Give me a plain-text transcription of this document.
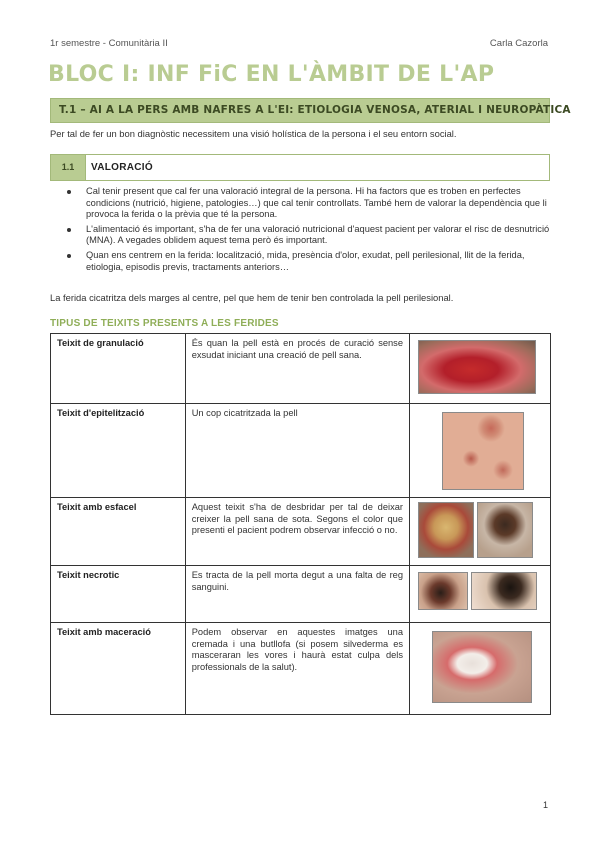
1r semestre - Comunitària II	Carla Cazorla
BLOC I: INF FiC EN L'ÀMBIT DE L'AP
T.1 – AI A LA PERS AMB NAFRES A L'EI: ETIOLOGIA VENOSA, ATERIAL I NEUROPÀTICA

Per tal de fer un bon diagnòstic necessitem una visió holística de la persona i el seu entorn social.

1.1	VALORACIÓ
Cal tenir present que cal fer una valoració integral de la persona. Hi ha factors que es troben en perfectes condicions (nutrició, higiene, patologies…) que cal tenir controllats. També hem de valorar la dependència que li provoca la ferida o la prèvia que té la persona.
L'alimentació és important, s'ha de fer una valoració nutricional d'aquest pacient per valorar el risc de desnutrició (MNA). A vegades oblidem aquest tema però és important.
Quan ens centrem en la ferida: localització, mida, presència d'olor, exudat, pell perilesional, llit de la ferida, etiologia, episodis previs, tractaments anteriors…

La ferida cicatritza dels marges al centre, pel que hem de tenir ben controlada la pell perilesional.

TIPUS DE TEIXITS PRESENTS A LES FERIDES
Teixit de granulació	És quan la pell està en procés de curació sense exsudat iniciant una creació de pell sana.	
Teixit d'epitelització	Un cop cicatritzada la pell	
Teixit amb esfacel	Aquest teixit s'ha de desbridar per tal de deixar creixer la pell sana de sota. Segons el color que presenti el pacient podrem observar infecció o no.	
Teixit necrotic	Es tracta de la pell morta degut a una falta de reg sanguini.	
Teixit amb maceració	Podem observar en aquestes imatges una cremada i una butllofa (si posem silvederma es masceraran les vores i haurà estat culpa dels professionals de la salut).	
1
